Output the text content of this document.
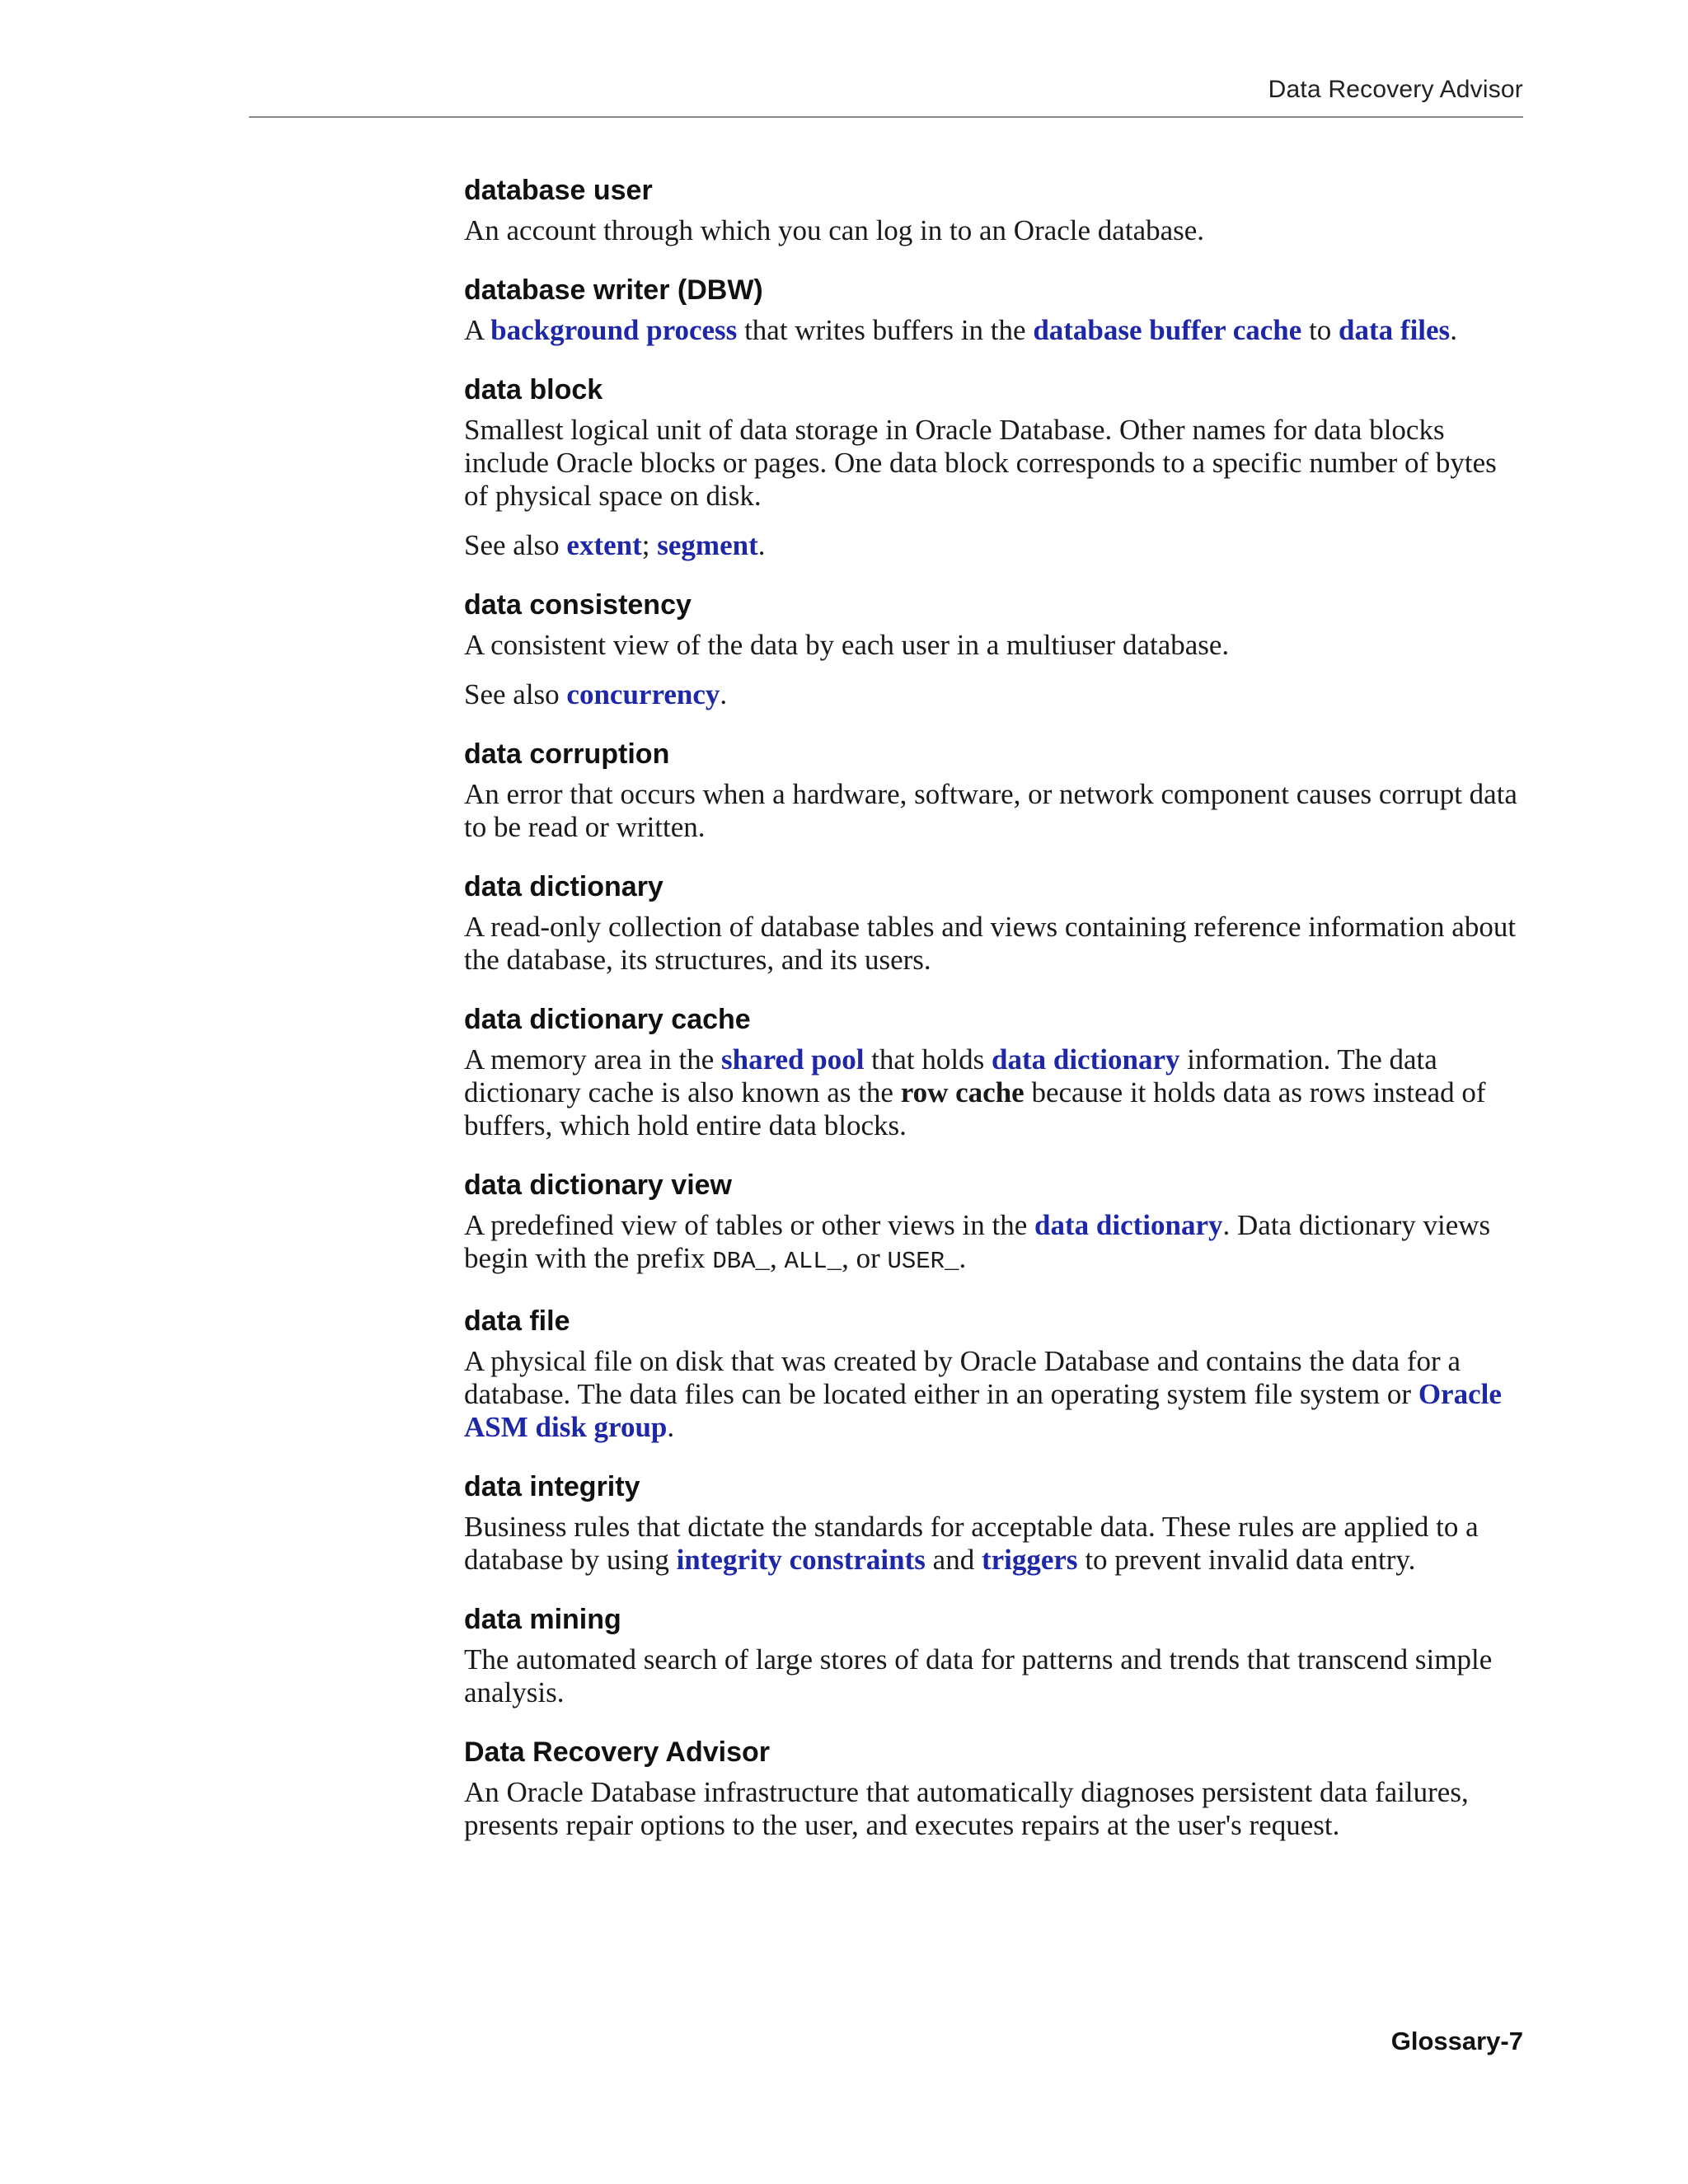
Data Recovery Advisor
database user

An account through which you can log in to an Oracle database.

database writer (DBW)

A background process that writes buffers in the database buffer cache to data files.

data block

Smallest logical unit of data storage in Oracle Database. Other names for data blocks include Oracle blocks or pages. One data block corresponds to a specific number of bytes of physical space on disk.

See also extent; segment.

data consistency

A consistent view of the data by each user in a multiuser database.

See also concurrency.

data corruption

An error that occurs when a hardware, software, or network component causes corrupt data to be read or written.

data dictionary

A read-only collection of database tables and views containing reference information about the database, its structures, and its users.

data dictionary cache

A memory area in the shared pool that holds data dictionary information. The data dictionary cache is also known as the row cache because it holds data as rows instead of buffers, which hold entire data blocks.

data dictionary view

A predefined view of tables or other views in the data dictionary. Data dictionary views begin with the prefix DBA_, ALL_, or USER_.

data file

A physical file on disk that was created by Oracle Database and contains the data for a database. The data files can be located either in an operating system file system or Oracle ASM disk group.

data integrity

Business rules that dictate the standards for acceptable data. These rules are applied to a database by using integrity constraints and triggers to prevent invalid data entry.

data mining

The automated search of large stores of data for patterns and trends that transcend simple analysis.

Data Recovery Advisor

An Oracle Database infrastructure that automatically diagnoses persistent data failures, presents repair options to the user, and executes repairs at the user's request.

Glossary-7
